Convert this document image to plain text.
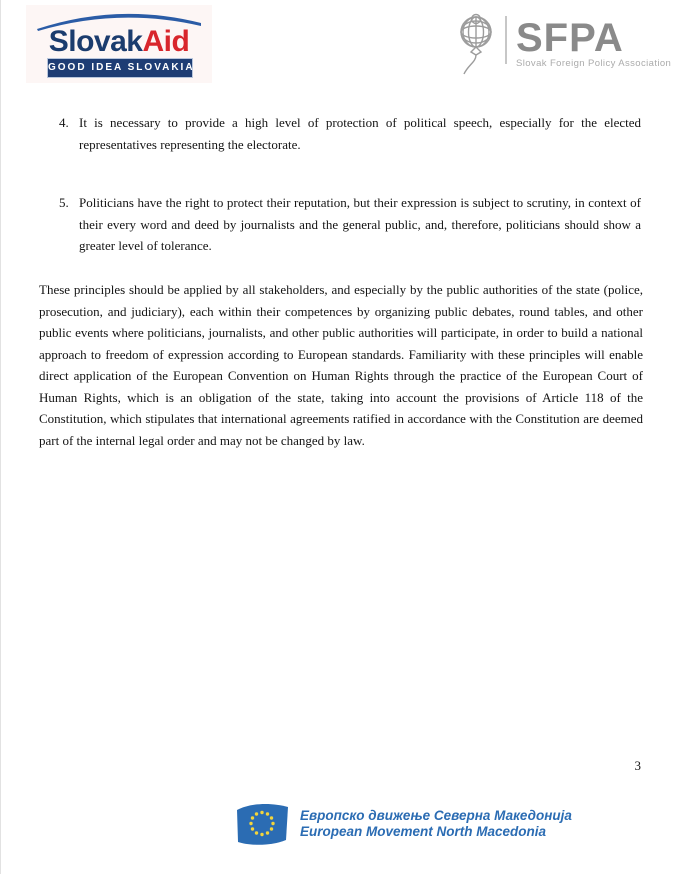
SlovakAid
GOOD IDEA SLOVAKIA
SFPA
Slovak Foreign Policy Association
4. It is necessary to provide a high level of protection of political speech, especially for the elected representatives representing the electorate.
5. Politicians have the right to protect their reputation, but their expression is subject to scrutiny, in context of their every word and deed by journalists and the general public, and, therefore, politicians should show a greater level of tolerance.
These principles should be applied by all stakeholders, and especially by the public authorities of the state (police, prosecution, and judiciary), each within their competences by organizing public debates, round tables, and other public events where politicians, journalists, and other public authorities will participate, in order to build a national approach to freedom of expression according to European standards. Familiarity with these principles will enable direct application of the European Convention on Human Rights through the practice of the European Court of Human Rights, which is an obligation of the state, taking into account the provisions of Article 118 of the Constitution, which stipulates that international agreements ratified in accordance with the Constitution are deemed part of the internal legal order and may not be changed by law.
3
Европско движење Северна Македонија
European Movement North Macedonia
